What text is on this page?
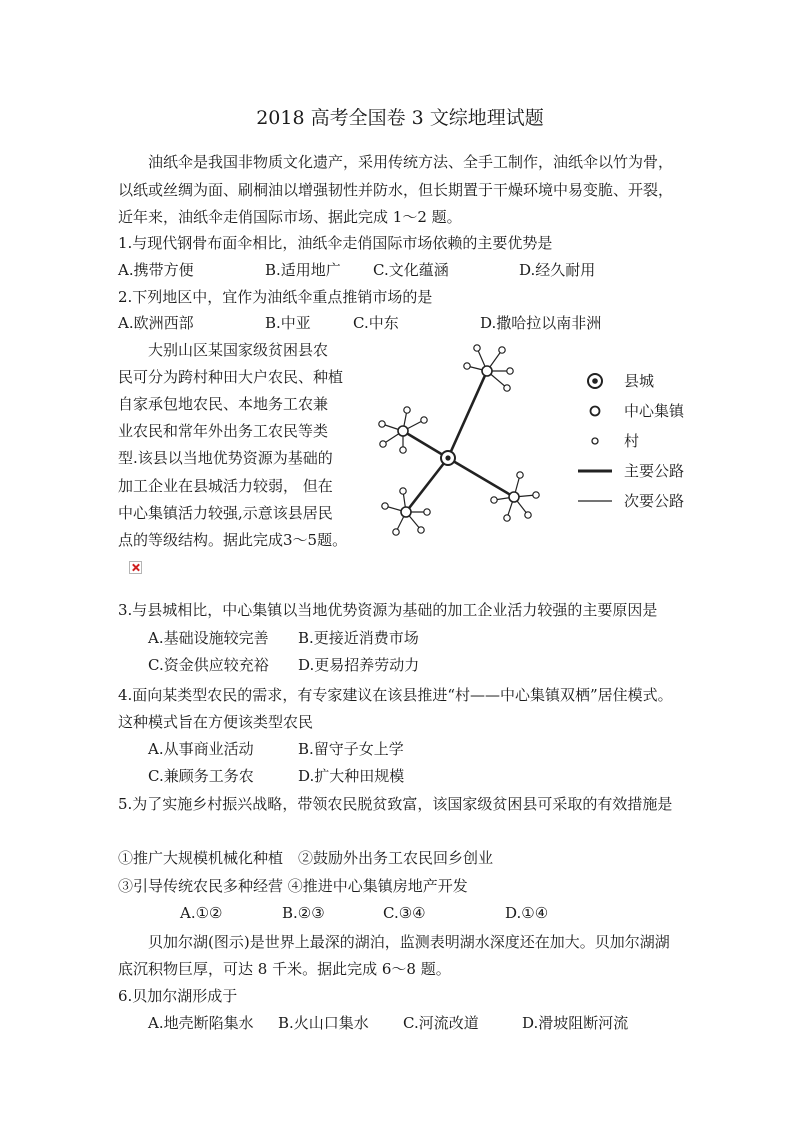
2018 高考全国卷 3 文综地理试题
油纸伞是我国非物质文化遗产，采用传统方法、全手工制作，油纸伞以竹为骨，
以纸或丝绸为面、刷桐油以增强韧性并防水，但长期置于干燥环境中易变脆、开裂，
近年来，油纸伞走俏国际市场、据此完成 1～2 题。
1.与现代钢骨布面伞相比，油纸伞走俏国际市场依赖的主要优势是
A.携带方便	B.适用地广 C.文化蕴涵	D.经久耐用
2.下列地区中，宜作为油纸伞重点推销市场的是
A.欧洲西部	B.中亚	C.中东	D.撒哈拉以南非洲
大别山区某国家级贫困县农
民可分为跨村种田大户农民、种植
自家承包地农民、本地务工农兼
业农民和常年外出务工农民等类
型.该县以当地优势资源为基础的
加工企业在县城活力较弱， 但在
中心集镇活力较强,示意该县居民
点的等级结构。据此完成3～5题。
县城
中心集镇
村
主要公路
次要公路
3.与县城相比，中心集镇以当地优势资源为基础的加工企业活力较强的主要原因是
A.基础设施较完善 B.更接近消费市场
C.资金供应较充裕 D.更易招养劳动力
4.面向某类型农民的需求，有专家建议在该县推进“村——中心集镇双栖”居住模式。
这种模式旨在方便该类型农民
A.从事商业活动	B.留守子女上学
C.兼顾务工务农	D.扩大种田规模
5.为了实施乡村振兴战略，带领农民脱贫致富，该国家级贫困县可采取的有效措施是
①推广大规模机械化种植　②鼓励外出务工农民回乡创业
③引导传统农民多种经营 ④推进中心集镇房地产开发
A.①②	B.②③	C.③④	D.①④
贝加尔湖(图示)是世界上最深的湖泊，监测表明湖水深度还在加大。贝加尔湖湖
底沉积物巨厚，可达 8 千米。据此完成 6～8 题。
6.贝加尔湖形成于
A.地壳断陷集水 B.火山口集水 C.河流改道	D.滑坡阻断河流
